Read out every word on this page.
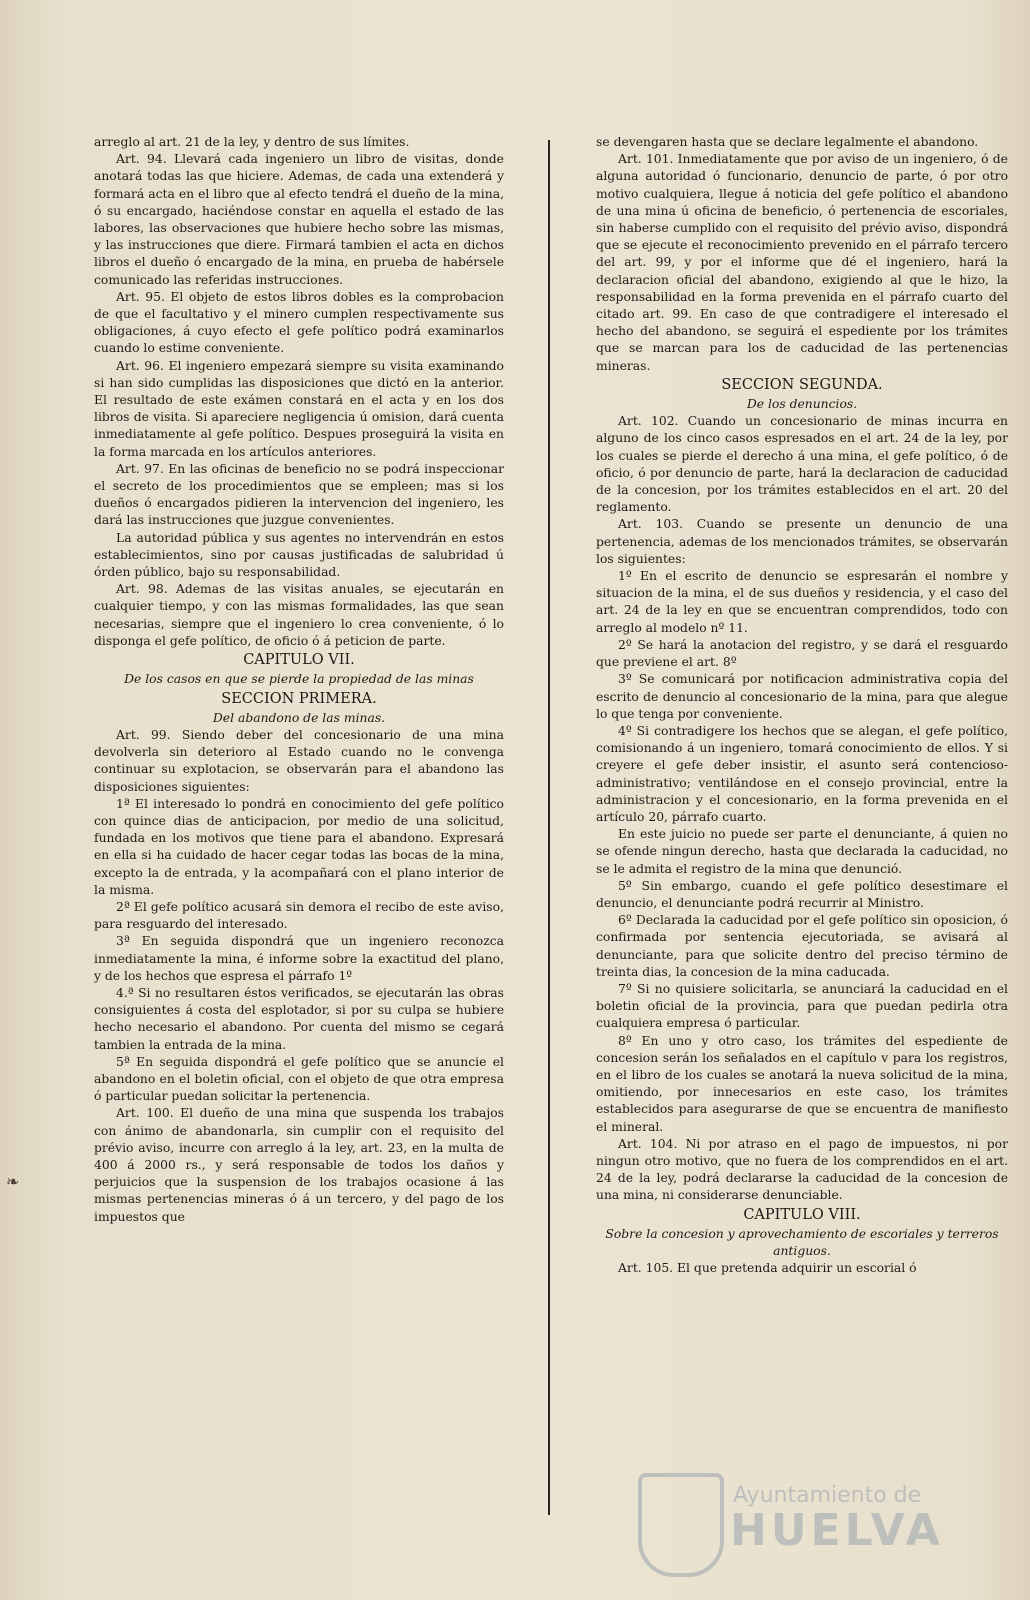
arreglo al art. 21 de la ley, y dentro de sus límites.

Art. 94. Llevará cada ingeniero un libro de visitas, donde anotará todas las que hiciere. Ademas, de cada una extenderá y formará acta en el libro que al efecto tendrá el dueño de la mina, ó su encargado, haciéndose constar en aquella el estado de las labores, las observaciones que hubiere hecho sobre las mismas, y las instrucciones que diere. Firmará tambien el acta en dichos libros el dueño ó encargado de la mina, en prueba de habérsele comunicado las referidas instrucciones.

Art. 95. El objeto de estos libros dobles es la comprobacion de que el facultativo y el minero cumplen respectivamente sus obligaciones, á cuyo efecto el gefe político podrá examinarlos cuando lo estime conveniente.

Art. 96. El ingeniero empezará siempre su visita examinando si han sido cumplidas las disposiciones que dictó en la anterior. El resultado de este exámen constará en el acta y en los dos libros de visita. Si apareciere negligencia ú omision, dará cuenta inmediatamente al gefe político. Despues proseguirá la visita en la forma marcada en los artículos anteriores.

Art. 97. En las oficinas de beneficio no se podrá inspeccionar el secreto de los procedimientos que se empleen; mas si los dueños ó encargados pidieren la intervencion del ingeniero, les dará las instrucciones que juzgue convenientes.

La autoridad pública y sus agentes no intervendrán en estos establecimientos, sino por causas justificadas de salubridad ú órden público, bajo su responsabilidad.

Art. 98. Ademas de las visitas anuales, se ejecutarán en cualquier tiempo, y con las mismas formalidades, las que sean necesarias, siempre que el ingeniero lo crea conveniente, ó lo disponga el gefe político, de oficio ó á peticion de parte.

CAPITULO VII.
De los casos en que se pierde la propiedad de las minas
SECCION PRIMERA.
Del abandono de las minas.

Art. 99. Siendo deber del concesionario de una mina devolverla sin deterioro al Estado cuando no le convenga continuar su explotacion, se observarán para el abandono las disposiciones siguientes:

1ª El interesado lo pondrá en conocimiento del gefe político con quince dias de anticipacion, por medio de una solicitud, fundada en los motivos que tiene para el abandono. Expresará en ella si ha cuidado de hacer cegar todas las bocas de la mina, excepto la de entrada, y la acompañará con el plano interior de la misma.

2ª El gefe político acusará sin demora el recibo de este aviso, para resguardo del interesado.

3ª En seguida dispondrá que un ingeniero reconozca inmediatamente la mina, é informe sobre la exactitud del plano, y de los hechos que espresa el párrafo 1º

4.ª Si no resultaren éstos verificados, se ejecutarán las obras consiguientes á costa del esplotador, si por su culpa se hubiere hecho necesario el abandono. Por cuenta del mismo se cegará tambien la entrada de la mina.

5ª En seguida dispondrá el gefe político que se anuncie el abandono en el boletin oficial, con el objeto de que otra empresa ó particular puedan solicitar la pertenencia.

Art. 100. El dueño de una mina que suspenda los trabajos con ánimo de abandonarla, sin cumplir con el requisito del prévio aviso, incurre con arreglo á la ley, art. 23, en la multa de 400 á 2000 rs., y será responsable de todos los daños y perjuicios que la suspension de los trabajos ocasione á las mismas pertenencias mineras ó á un tercero, y del pago de los impuestos que

se devengaren hasta que se declare legalmente el abandono.

Art. 101. Inmediatamente que por aviso de un ingeniero, ó de alguna autoridad ó funcionario, denuncio de parte, ó por otro motivo cualquiera, llegue á noticia del gefe político el abandono de una mina ú oficina de beneficio, ó pertenencia de escoriales, sin haberse cumplido con el requisito del prévio aviso, dispondrá que se ejecute el reconocimiento prevenido en el párrafo tercero del art. 99, y por el informe que dé el ingeniero, hará la declaracion oficial del abandono, exigiendo al que le hizo, la responsabilidad en la forma prevenida en el párrafo cuarto del citado art. 99. En caso de que contradigere el interesado el hecho del abandono, se seguirá el espediente por los trámites que se marcan para los de caducidad de las pertenencias mineras.

SECCION SEGUNDA.
De los denuncios.

Art. 102. Cuando un concesionario de minas incurra en alguno de los cinco casos espresados en el art. 24 de la ley, por los cuales se pierde el derecho á una mina, el gefe político, ó de oficio, ó por denuncio de parte, hará la declaracion de caducidad de la concesion, por los trámites establecidos en el art. 20 del reglamento.

Art. 103. Cuando se presente un denuncio de una pertenencia, ademas de los mencionados trámites, se observarán los siguientes:

1º En el escrito de denuncio se espresarán el nombre y situacion de la mina, el de sus dueños y residencia, y el caso del art. 24 de la ley en que se encuentran comprendidos, todo con arreglo al modelo nº 11.

2º Se hará la anotacion del registro, y se dará el resguardo que previene el art. 8º

3º Se comunicará por notificacion administrativa copia del escrito de denuncio al concesionario de la mina, para que alegue lo que tenga por conveniente.

4º Si contradigere los hechos que se alegan, el gefe político, comisionando á un ingeniero, tomará conocimiento de ellos. Y si creyere el gefe deber insistir, el asunto será contencioso-administrativo; ventilándose en el consejo provincial, entre la administracion y el concesionario, en la forma prevenida en el artículo 20, párrafo cuarto.

En este juicio no puede ser parte el denunciante, á quien no se ofende ningun derecho, hasta que declarada la caducidad, no se le admita el registro de la mina que denunció.

5º Sin embargo, cuando el gefe político desestimare el denuncio, el denunciante podrá recurrir al Ministro.

6º Declarada la caducidad por el gefe político sin oposicion, ó confirmada por sentencia ejecutoriada, se avisará al denunciante, para que solicite dentro del preciso término de treinta dias, la concesion de la mina caducada.

7º Si no quisiere solicitarla, se anunciará la caducidad en el boletin oficial de la provincia, para que puedan pedirla otra cualquiera empresa ó particular.

8º En uno y otro caso, los trámites del espediente de concesion serán los señalados en el capítulo v para los registros, en el libro de los cuales se anotará la nueva solicitud de la mina, omitiendo, por innecesarios en este caso, los trámites establecidos para asegurarse de que se encuentra de manifiesto el mineral.

Art. 104. Ni por atraso en el pago de impuestos, ni por ningun otro motivo, que no fuera de los comprendidos en el art. 24 de la ley, podrá declararse la caducidad de la concesion de una mina, ni considerarse denunciable.

CAPITULO VIII.
Sobre la concesion y aprovechamiento de escoriales y terreros antiguos.

Art. 105. El que pretenda adquirir un escorial ó

❧
Ayuntamiento de
HUELVA
